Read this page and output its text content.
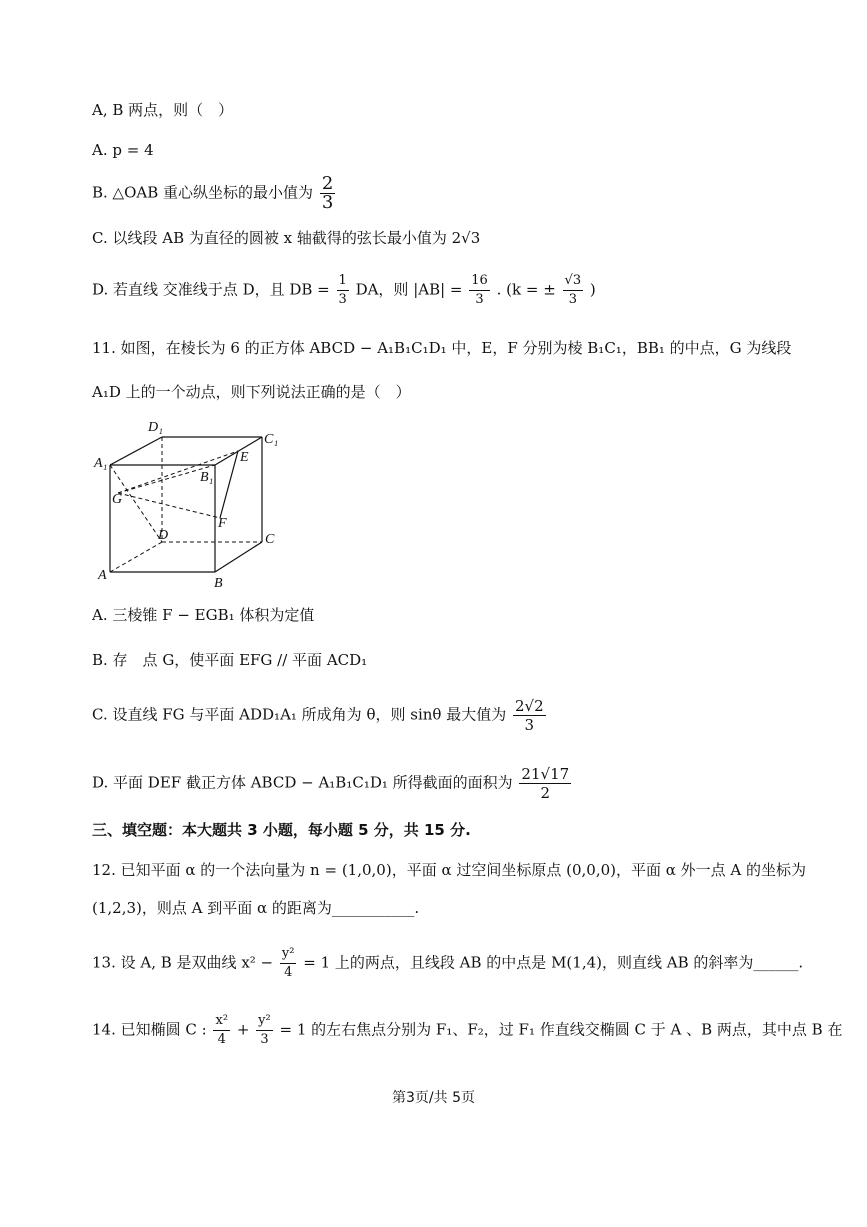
A, B 两点，则（　）
A. p = 4
B. △OAB 重心纵坐标的最小值为 $\frac{2}{3}$
C. 以线段 AB 为直径的圆被 x 轴截得的弦长最小值为 2√3
D. 若直线 交准线于点 D，且 DB = $\frac{1}{3}$ DA，则 $|AB| = \frac{16}{3}$ . (k = ± $\frac{√3}{3}$ )
11. 如图，在棱长为 6 的正方体 ABCD − A₁B₁C₁D₁ 中，E，F 分别为棱 B₁C₁，BB₁ 的中点，G 为线段
A₁D 上的一个动点，则下列说法正确的是（　）
D₁
C₁
A₁
B₁
E
G
F
D	C
A
B
A. 三棱锥 F − EGB₁ 体积为定值
B. 存　点 G，使平面 EFG // 平面 ACD₁
C. 设直线 FG 与平面 ADD₁A₁ 所成角为 θ，则 sinθ 最大值为 $\frac{2√2}{3}$
D. 平面 DEF 截正方体 ABCD − A₁B₁C₁D₁ 所得截面的面积为 $\frac{21√17}{2}$
三、填空题：本大题共 3 小题，每小题 5 分，共 15 分.
12. 已知平面 α 的一个法向量为 n = (1,0,0)，平面 α 过空间坐标原点 (0,0,0)，平面 α 外一点 A 的坐标为
(1,2,3)，则点 A 到平面 α 的距离为___________.
13. 设 A, B 是双曲线 $x^2 - \frac{\text{y²}}{4} = 1$ 上的两点，且线段 AB 的中点是 M(1,4)，则直线 AB 的斜率为______.
14. 已知椭圆 C : $\frac{\text{x²}}{4} + \frac{\text{y²}}{3} = 1$ 的左右焦点分别为 F₁、F₂，过 F₁ 作直线交椭圆 C 于 A 、B 两点，其中点 B 在
第3页/共 5页
